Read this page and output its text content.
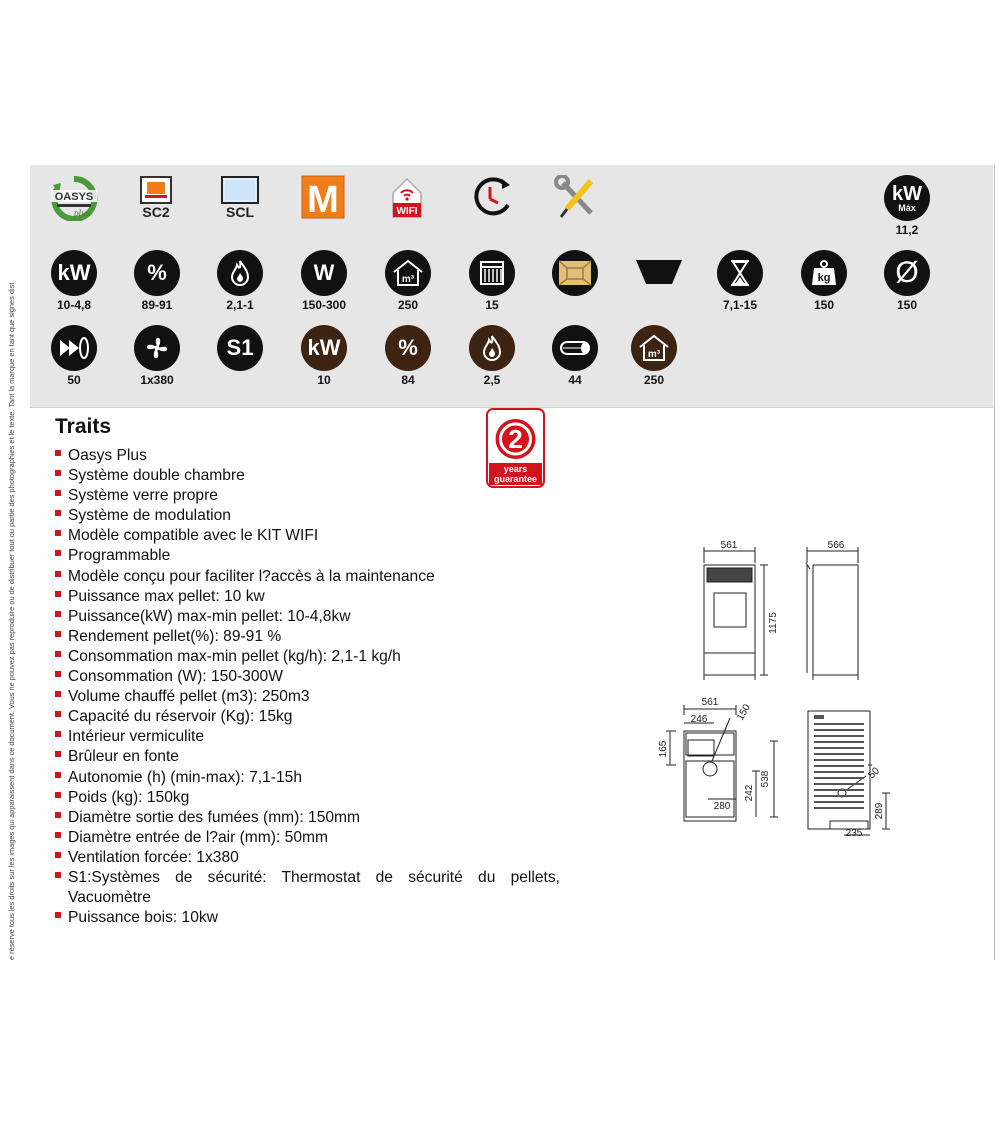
e réserve tous les droits sur les images qui apparaissent dans ce document. Vous ne pouvez pas reproduire ou de distribuer tout ou partie des photographies et le texte. Tant la marque en tant que signes dist
OASYS
plus	SC2	SCL M	WIFI
kW
Máx
11,2
kW
10-4,8
%
89-91	2,1-1
W
150-300
m³
250	15	7,1-15
kg
150
Ø
150
50	1x380
S1	kW
10
%
84	2,5	44
m³
250
Traits
Oasys Plus
Système double chambre
Système verre propre
Système de modulation
Modèle compatible avec le KIT WIFI
Programmable
Modèle conçu pour faciliter l?accès à la maintenance
Puissance max pellet: 10 kw
Puissance(kW) max-min pellet: 10-4,8kw
Rendement pellet(%): 89-91 %
Consommation max-min pellet (kg/h): 2,1-1 kg/h
Consommation (W): 150-300W
Volume chauffé pellet (m3): 250m3
Capacité du réservoir (Kg): 15kg
Intérieur vermiculite
Brûleur en fonte
Autonomie (h) (min-max): 7,1-15h
Poids (kg): 150kg
Diamètre sortie des fumées (mm): 150mm
Diamètre entrée de l?air (mm): 50mm
Ventilation forcée: 1x380
S1:Systèmes de sécurité: Thermostat de sécurité du pellets, Vacuomètre
Puissance bois: 10kw
2
years
guarantee
561	566
1175
561
246	150
165
538
242
280
50
289
235
